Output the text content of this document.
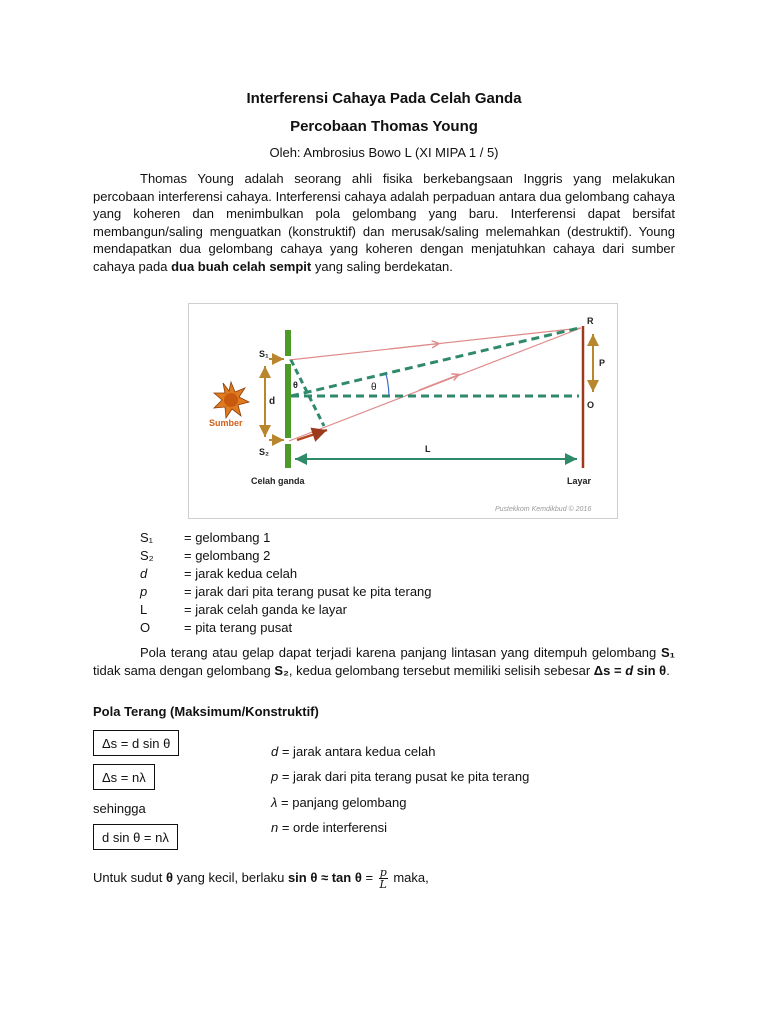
Interferensi Cahaya Pada Celah Ganda
Percobaan Thomas Young
Oleh: Ambrosius Bowo L (XI MIPA 1 / 5)
Thomas Young adalah seorang ahli fisika berkebangsaan Inggris yang melakukan percobaan interferensi cahaya. Interferensi cahaya adalah perpaduan antara dua gelombang cahaya yang koheren dan menimbulkan pola gelombang yang baru. Interferensi dapat bersifat membangun/saling menguatkan (konstruktif) dan merusak/saling melemahkan (destruktif). Young mendapatkan dua gelombang cahaya yang koheren dengan menjatuhkan cahaya dari sumber cahaya pada dua buah celah sempit yang saling berdekatan.
S₁
S₂
d
θ	θ
Sumber
R
P
O
L
Celah ganda	Layar
Pustekkom Kemdikbud © 2016
S₁	= gelombang 1
S₂	= gelombang 2
d	= jarak kedua celah
p	= jarak dari pita terang pusat ke pita terang
L	= jarak celah ganda ke layar
O	= pita terang pusat
Pola terang atau gelap dapat terjadi karena panjang lintasan yang ditempuh gelombang S₁ tidak sama dengan gelombang S₂, kedua gelombang tersebut memiliki selisih sebesar Δs = d sin θ.
Pola Terang (Maksimum/Konstruktif)
Δs = d sin θ
Δs = nλ
sehingga
d sin θ = nλ
d = jarak antara kedua celah
p = jarak dari pita terang pusat ke pita terang
λ = panjang gelombang
n = orde interferensi
Untuk sudut θ yang kecil, berlaku $\sin \theta \approx \tan \theta = \frac{p}{L}$ maka,
